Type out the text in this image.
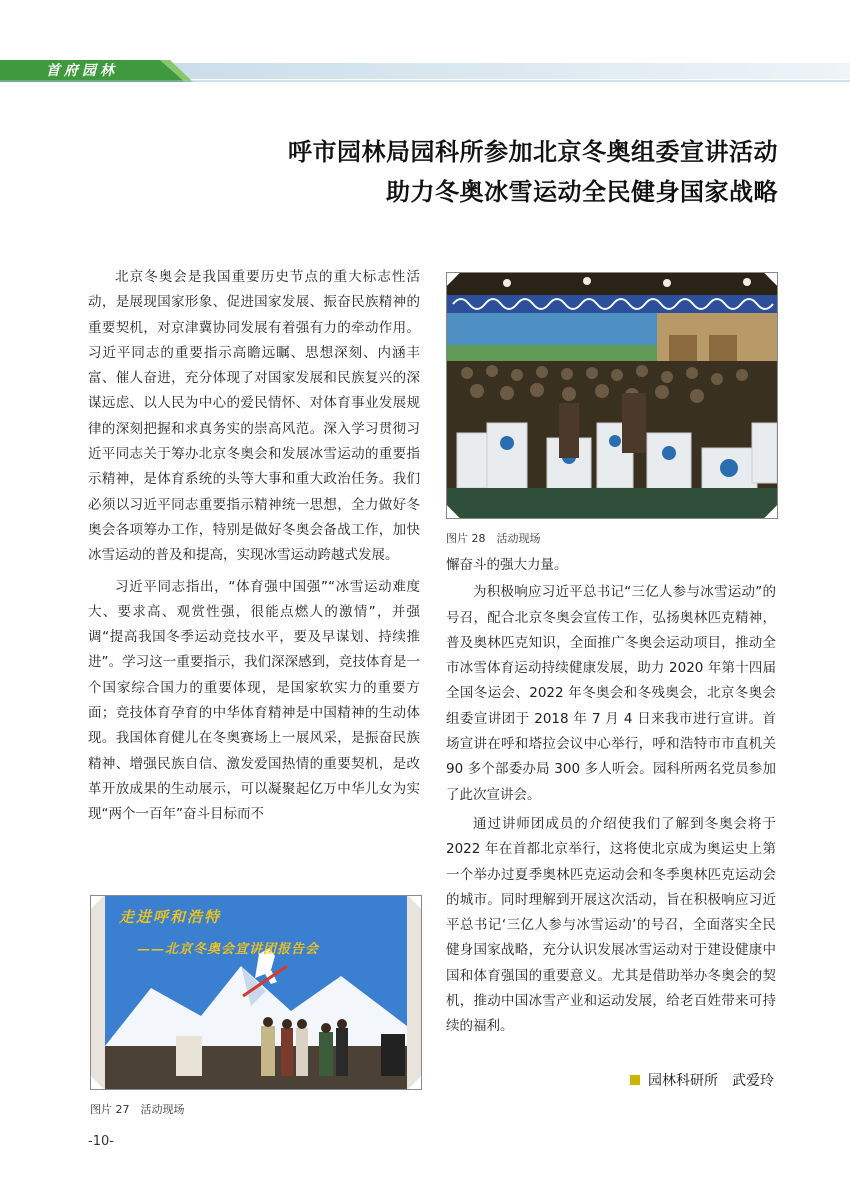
首府园林
呼市园林局园科所参加北京冬奥组委宣讲活动
助力冬奥冰雪运动全民健身国家战略

北京冬奥会是我国重要历史节点的重大标志性活动，是展现国家形象、促进国家发展、振奋民族精神的重要契机，对京津冀协同发展有着强有力的牵动作用。习近平同志的重要指示高瞻远瞩、思想深刻、内涵丰富、催人奋进，充分体现了对国家发展和民族复兴的深谋远虑、以人民为中心的爱民情怀、对体育事业发展规律的深刻把握和求真务实的崇高风范。深入学习贯彻习近平同志关于筹办北京冬奥会和发展冰雪运动的重要指示精神，是体育系统的头等大事和重大政治任务。我们必须以习近平同志重要指示精神统一思想，全力做好冬奥会各项筹办工作，特别是做好冬奥会备战工作，加快冰雪运动的普及和提高，实现冰雪运动跨越式发展。

习近平同志指出，“体育强中国强”“冰雪运动难度大、要求高、观赏性强，很能点燃人的激情”，并强调“提高我国冬季运动竞技水平，要及早谋划、持续推进”。学习这一重要指示，我们深深感到，竞技体育是一个国家综合国力的重要体现，是国家软实力的重要方面；竞技体育孕育的中华体育精神是中国精神的生动体现。我国体育健儿在冬奥赛场上一展风采，是振奋民族精神、增强民族自信、激发爱国热情的重要契机，是改革开放成果的生动展示，可以凝聚起亿万中华儿女为实现“两个一百年”奋斗目标而不

图片 28　活动现场

懈奋斗的强大力量。

为积极响应习近平总书记“三亿人参与冰雪运动”的号召，配合北京冬奥会宣传工作，弘扬奥林匹克精神，普及奥林匹克知识，全面推广冬奥会运动项目，推动全市冰雪体育运动持续健康发展，助力 2020 年第十四届全国冬运会、2022 年冬奥会和冬残奥会，北京冬奥会组委宣讲团于 2018 年 7 月 4 日来我市进行宣讲。首场宣讲在呼和塔拉会议中心举行，呼和浩特市市直机关 90 多个部委办局 300 多人听会。园科所两名党员参加了此次宣讲会。

通过讲师团成员的介绍使我们了解到冬奥会将于 2022 年在首都北京举行，这将使北京成为奥运史上第一个举办过夏季奥林匹克运动会和冬季奥林匹克运动会的城市。同时理解到开展这次活动，旨在积极响应习近平总书记‘三亿人参与冰雪运动’的号召，全面落实全民健身国家战略，充分认识发展冰雪运动对于建设健康中国和体育强国的重要意义。尤其是借助举办冬奥会的契机，推动中国冰雪产业和运动发展，给老百姓带来可持续的福利。

走进呼和浩特
——北京冬奥会宣讲团报告会
图片 27　活动现场
园林科研所　武爱玲
-10-
